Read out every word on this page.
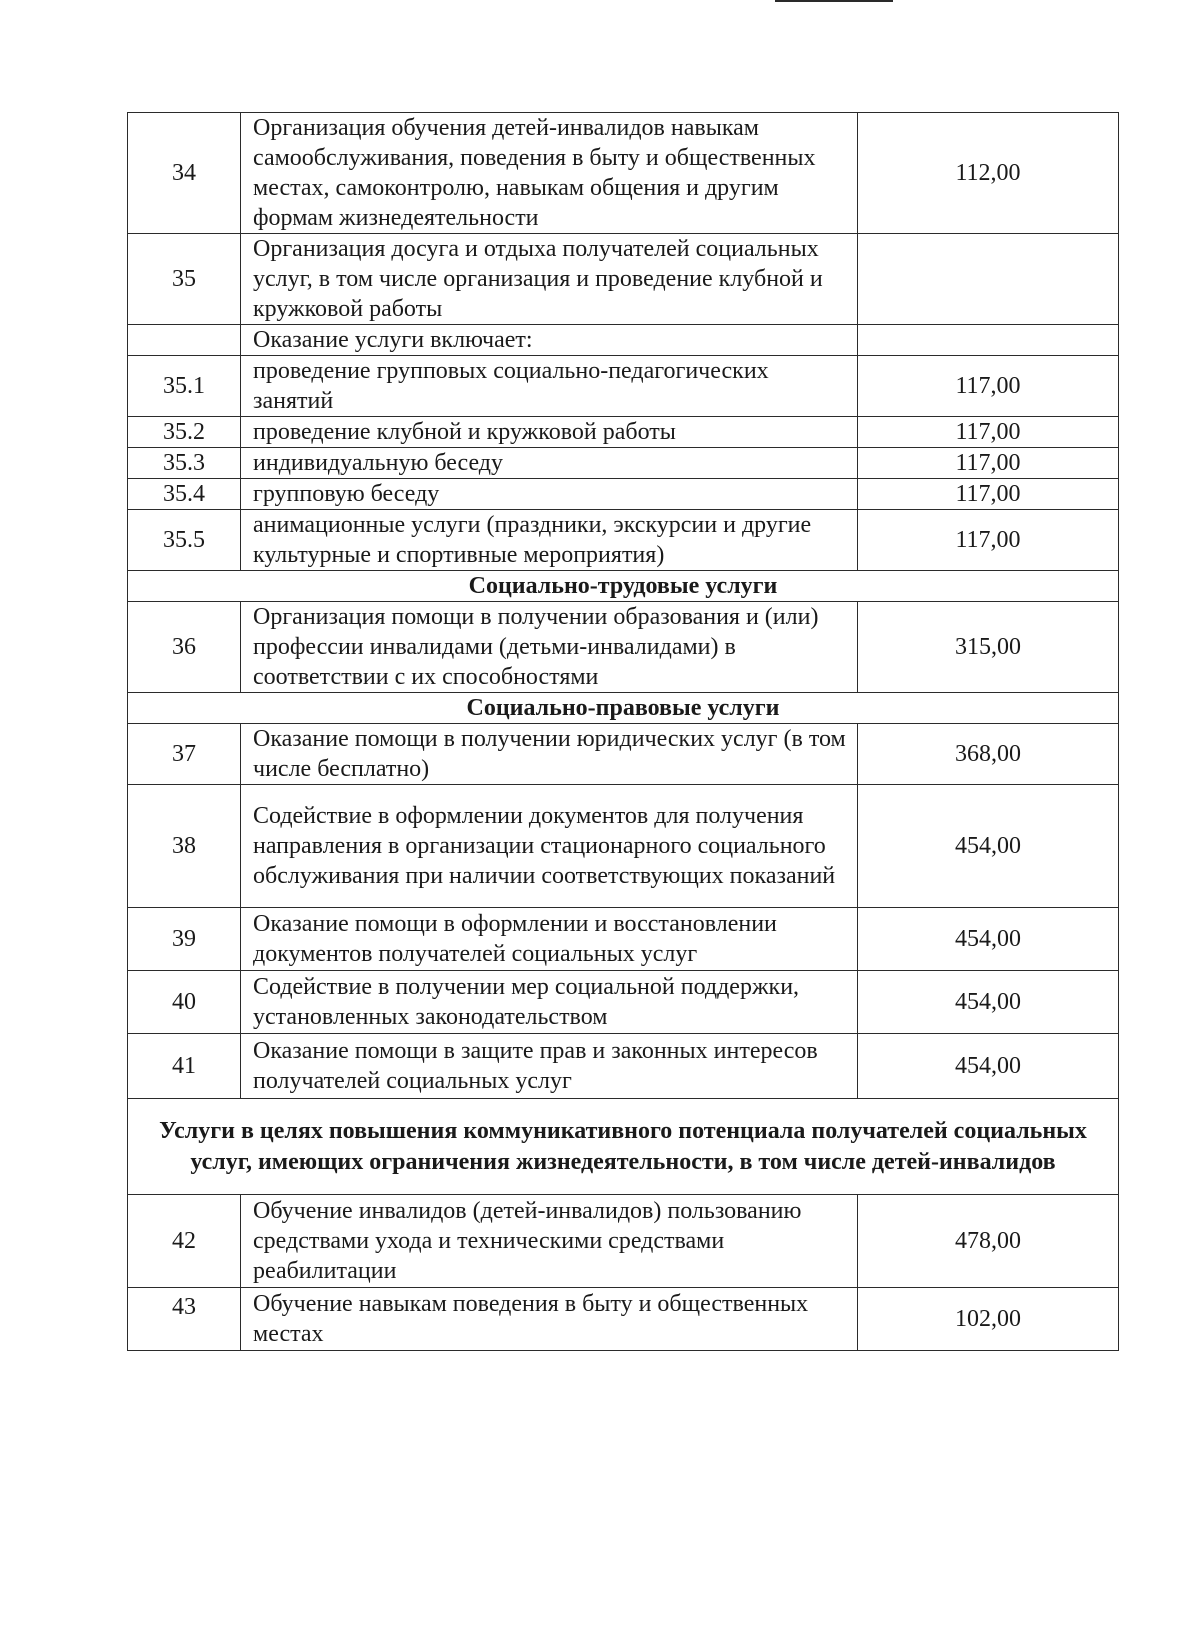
34	Организация обучения детей-инвалидов навыкам самообслуживания, поведения в быту и общественных местах, самоконтролю, навыкам общения и другим формам жизнедеятельности	112,00
35	Организация досуга и отдыха получателей социальных услуг, в том числе организация и проведение клубной и кружковой работы	
	Оказание услуги включает:	
35.1	проведение групповых социально-педагогических занятий	117,00
35.2	проведение клубной и кружковой работы	117,00
35.3	индивидуальную беседу	117,00
35.4	групповую беседу	117,00
35.5	анимационные услуги (праздники, экскурсии и другие культурные и спортивные мероприятия)	117,00
Социально-трудовые услуги		
36	Организация помощи в получении образования и (или) профессии инвалидами (детьми-инвалидами) в соответствии с их способностями	315,00
Социально-правовые услуги		
37	Оказание помощи в получении юридических услуг (в том числе бесплатно)	368,00
38	Содействие в оформлении документов для получения направления в организации стационарного социального обслуживания при наличии соответствующих показаний	454,00
39	Оказание помощи в оформлении и восстановлении документов получателей социальных услуг	454,00
40	Содействие в получении мер социальной поддержки, установленных законодательством	454,00
41	Оказание помощи в защите прав и законных интересов получателей социальных услуг	454,00
Услуги в целях повышения коммуникативного потенциала получателей социальных услуг, имеющих ограничения жизнедеятельности, в том числе детей-инвалидов		
42	Обучение инвалидов (детей-инвалидов) пользованию средствами ухода и техническими средствами реабилитации	478,00
43	Обучение навыкам поведения в быту и общественных местах	102,00
